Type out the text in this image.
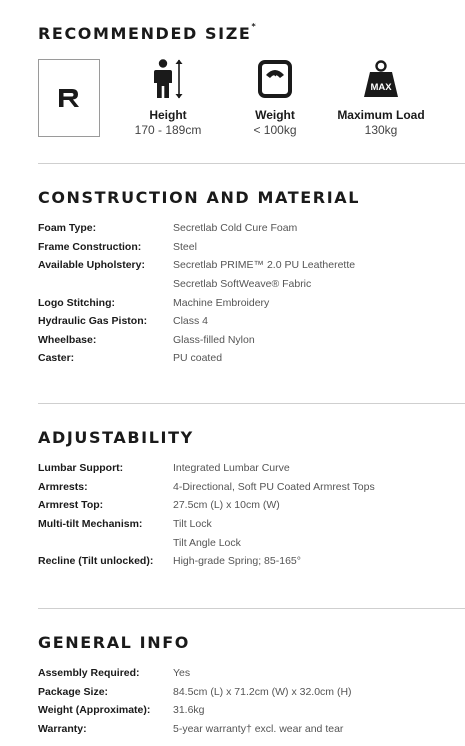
RECOMMENDED SIZE*
R
Height
170 - 189cm
Weight
< 100kg
MAX
Maximum Load
130kg
CONSTRUCTION AND MATERIAL
Foam Type:	Secretlab Cold Cure Foam
Frame Construction:	Steel
Available Upholstery:	Secretlab PRIME™ 2.0 PU Leatherette
Secretlab SoftWeave® Fabric
Logo Stitching:	Machine Embroidery
Hydraulic Gas Piston:	Class 4
Wheelbase:	Glass-filled Nylon
Caster:	PU coated
ADJUSTABILITY
Lumbar Support:	Integrated Lumbar Curve
Armrests:	4-Directional, Soft PU Coated Armrest Tops
Armrest Top:	27.5cm (L) x 10cm (W)
Multi-tilt Mechanism:	Tilt Lock
Tilt Angle Lock
Recline (Tilt unlocked):	High-grade Spring; 85-165°
GENERAL INFO
Assembly Required:	Yes
Package Size:	84.5cm (L) x 71.2cm (W) x 32.0cm (H)
Weight (Approximate):	31.6kg
Warranty:	5-year warranty† excl. wear and tear
